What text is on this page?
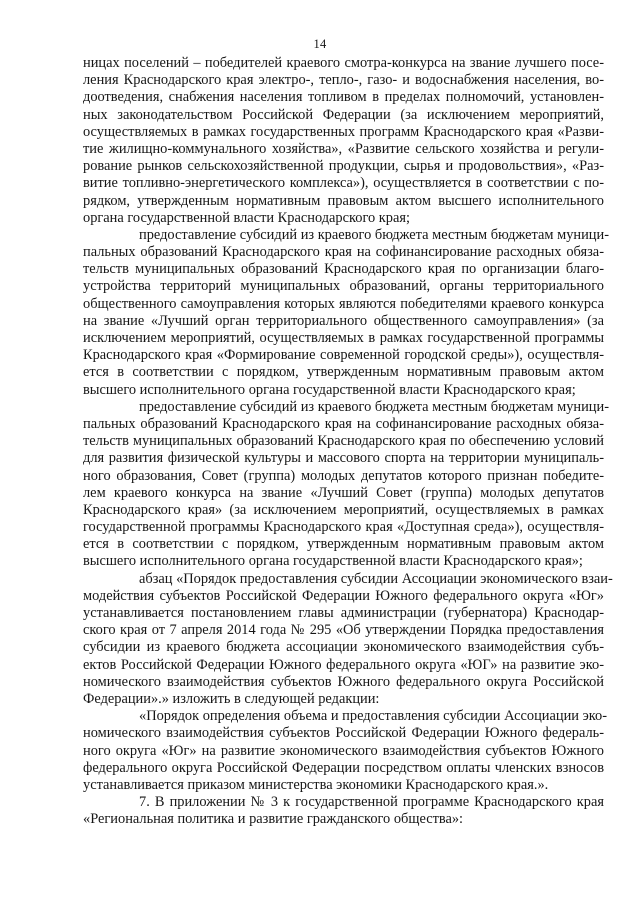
14
ницах поселений – победителей краевого смотра-конкурса на звание лучшего посе-
ления Краснодарского края электро-, тепло-, газо- и водоснабжения населения, во-
доотведения, снабжения населения топливом в пределах полномочий, установлен-
ных законодательством Российской Федерации (за исключением мероприятий,
осуществляемых в рамках государственных программ Краснодарского края «Разви-
тие жилищно-коммунального хозяйства», «Развитие сельского хозяйства и регули-
рование рынков сельскохозяйственной продукции, сырья и продовольствия», «Раз-
витие топливно-энергетического комплекса»), осуществляется в соответствии с по-
рядком, утвержденным нормативным правовым актом высшего исполнительного
органа государственной власти Краснодарского края;
предоставление субсидий из краевого бюджета местным бюджетам муници-
пальных образований Краснодарского края на софинансирование расходных обяза-
тельств муниципальных образований Краснодарского края по организации благо-
устройства территорий муниципальных образований, органы территориального
общественного самоуправления которых являются победителями краевого конкурса
на звание «Лучший орган территориального общественного самоуправления» (за
исключением мероприятий, осуществляемых в рамках государственной программы
Краснодарского края «Формирование современной городской среды»), осуществля-
ется в соответствии с порядком, утвержденным нормативным правовым актом
высшего исполнительного органа государственной власти Краснодарского края;
предоставление субсидий из краевого бюджета местным бюджетам муници-
пальных образований Краснодарского края на софинансирование расходных обяза-
тельств муниципальных образований Краснодарского края по обеспечению условий
для развития физической культуры и массового спорта на территории муниципаль-
ного образования, Совет (группа) молодых депутатов которого признан победите-
лем краевого конкурса на звание «Лучший Совет (группа) молодых депутатов
Краснодарского края» (за исключением мероприятий, осуществляемых в рамках
государственной программы Краснодарского края «Доступная среда»), осуществля-
ется в соответствии с порядком, утвержденным нормативным правовым актом
высшего исполнительного органа государственной власти Краснодарского края»;
абзац «Порядок предоставления субсидии Ассоциации экономического взаи-
модействия субъектов Российской Федерации Южного федерального округа «Юг»
устанавливается постановлением главы администрации (губернатора) Краснодар-
ского края от 7 апреля 2014 года № 295 «Об утверждении Порядка предоставления
субсидии из краевого бюджета ассоциации экономического взаимодействия субъ-
ектов Российской Федерации Южного федерального округа «ЮГ» на развитие эко-
номического взаимодействия субъектов Южного федерального округа Российской
Федерации».» изложить в следующей редакции:
«Порядок определения объема и предоставления субсидии Ассоциации эко-
номического взаимодействия субъектов Российской Федерации Южного федераль-
ного округа «Юг» на развитие экономического взаимодействия субъектов Южного
федерального округа Российской Федерации посредством оплаты членских взносов
устанавливается приказом министерства экономики Краснодарского края.».
7. В приложении № 3 к государственной программе Краснодарского края
«Региональная политика и развитие гражданского общества»:
